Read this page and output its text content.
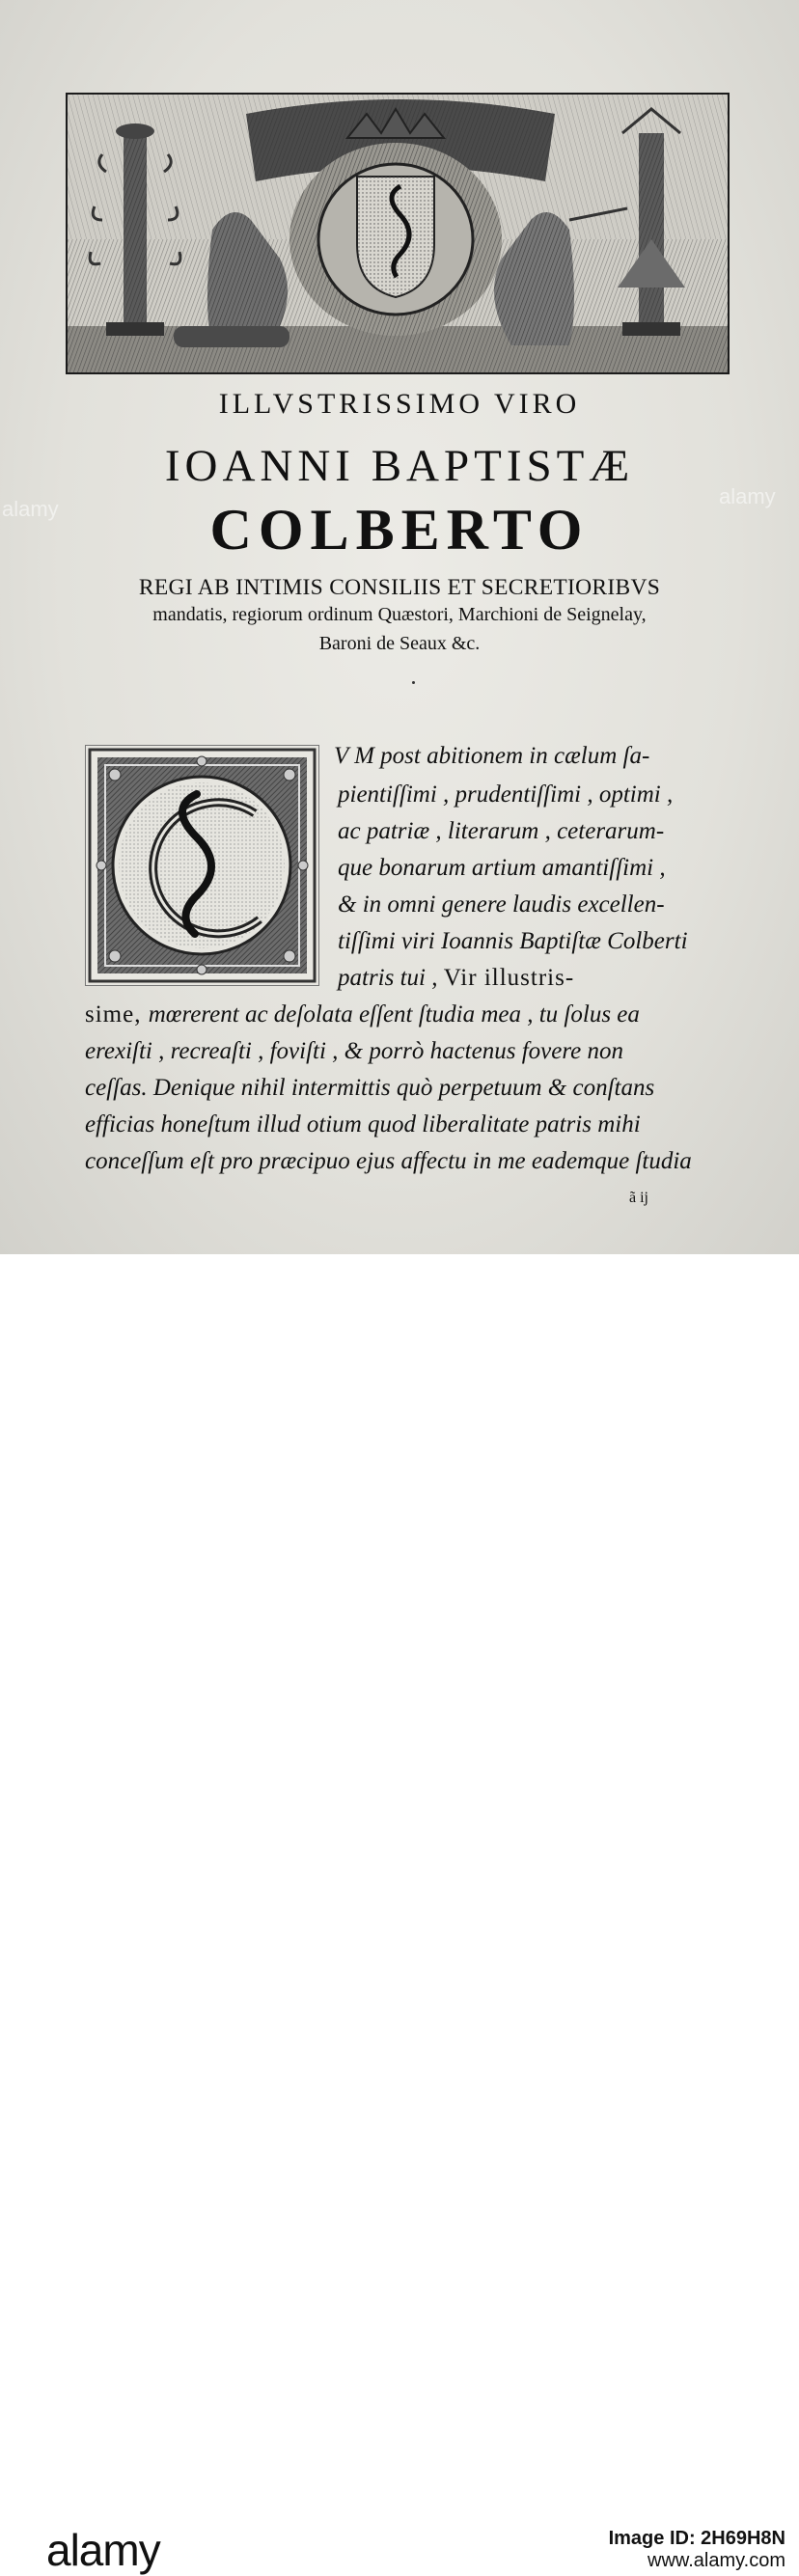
ILLVSTRISSIMO VIRO
IOANNI BAPTISTÆ
COLBERTO
REGI AB INTIMIS CONSILIIS ET SECRETIORIBVS
mandatis, regiorum ordinum Quæstori, Marchioni de Seignelay,
Baroni de Seaux &c.
V M post abitionem in cælum ſa-
pientiſſimi , prudentiſſimi , optimi ,
ac patriæ , literarum , ceterarum-
que bonarum artium amantiſſimi ,
& in omni genere laudis excellen-
tiſſimi viri Ioannis Baptiſtæ Colberti
patris tui , Vir illustris-
sime, mœrerent ac deſolata eſſent ſtudia mea , tu ſolus ea
erexiſti , recreaſti , foviſti , & porrò hactenus fovere non
ceſſas. Denique nihil intermittis quò perpetuum & conſtans
efficias honeſtum illud otium quod liberalitate patris mihi
conceſſum eſt pro præcipuo ejus affectu in me eademque ſtudia
ã ij
alamy
alamy
alamy	Image ID: 2H69H8N
www.alamy.com
